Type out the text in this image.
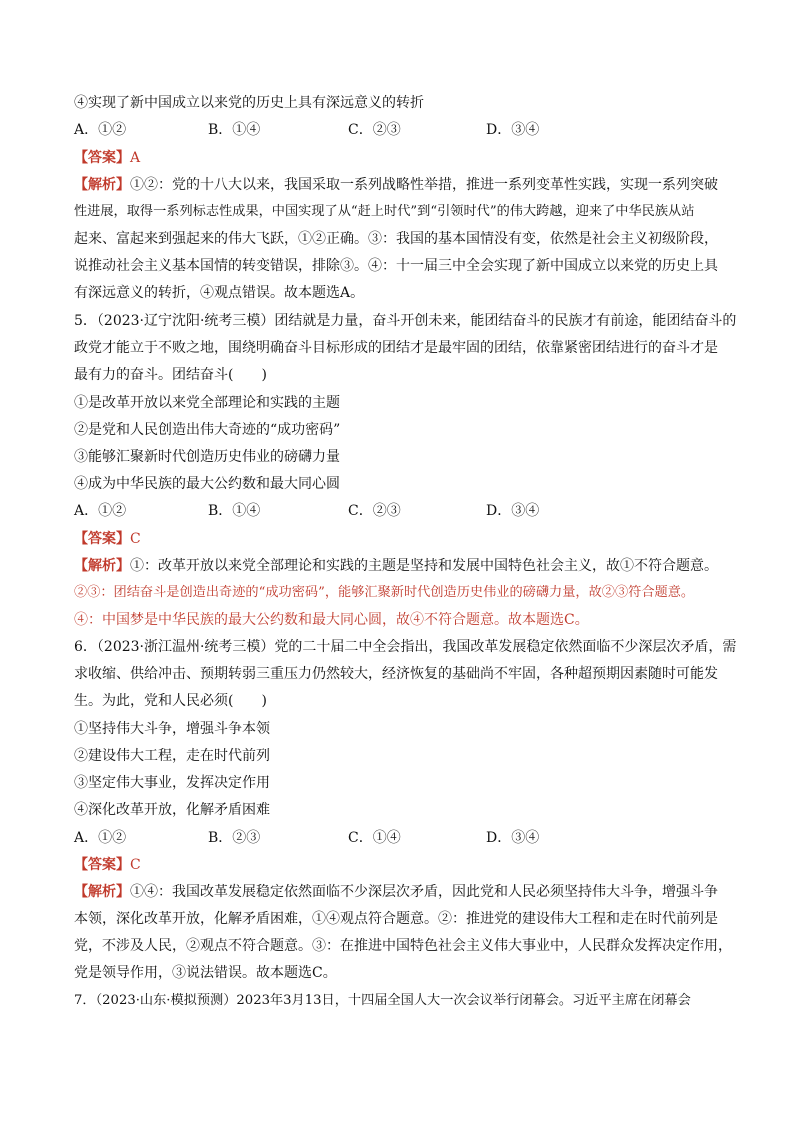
④实现了新中国成立以来党的历史上具有深远意义的转折
A．①②	B．①④	C．②③	D．③④
【答案】A
【解析】①②：党的十八大以来，我国采取一系列战略性举措，推进一系列变革性实践，实现一系列突破
性进展，取得一系列标志性成果，中国实现了从“赶上时代”到“引领时代”的伟大跨越，迎来了中华民族从站
起来、富起来到强起来的伟大飞跃，①②正确。③：我国的基本国情没有变，依然是社会主义初级阶段，
说推动社会主义基本国情的转变错误，排除③。④：十一届三中全会实现了新中国成立以来党的历史上具
有深远意义的转折，④观点错误。故本题选A。
5．（2023·辽宁沈阳·统考三模）团结就是力量，奋斗开创未来，能团结奋斗的民族才有前途，能团结奋斗的
政党才能立于不败之地，围绕明确奋斗目标形成的团结才是最牢固的团结，依靠紧密团结进行的奋斗才是
最有力的奋斗。团结奋斗(　　)
①是改革开放以来党全部理论和实践的主题
②是党和人民创造出伟大奇迹的“成功密码”
③能够汇聚新时代创造历史伟业的磅礴力量
④成为中华民族的最大公约数和最大同心圆
A．①②	B．①④	C．②③	D．③④
【答案】C
【解析】①：改革开放以来党全部理论和实践的主题是坚持和发展中国特色社会主义，故①不符合题意。
②③：团结奋斗是创造出奇迹的“成功密码”，能够汇聚新时代创造历史伟业的磅礴力量，故②③符合题意。
④：中国梦是中华民族的最大公约数和最大同心圆，故④不符合题意。故本题选C。
6．（2023·浙江温州·统考三模）党的二十届二中全会指出，我国改革发展稳定依然面临不少深层次矛盾，需
求收缩、供给冲击、预期转弱三重压力仍然较大，经济恢复的基础尚不牢固，各种超预期因素随时可能发
生。为此，党和人民必须(　　)
①坚持伟大斗争，增强斗争本领
②建设伟大工程，走在时代前列
③坚定伟大事业，发挥决定作用
④深化改革开放，化解矛盾困难
A．①②	B．②③	C．①④	D．③④
【答案】C
【解析】①④：我国改革发展稳定依然面临不少深层次矛盾，因此党和人民必须坚持伟大斗争，增强斗争
本领，深化改革开放，化解矛盾困难，①④观点符合题意。②：推进党的建设伟大工程和走在时代前列是
党，不涉及人民，②观点不符合题意。③：在推进中国特色社会主义伟大事业中，人民群众发挥决定作用，
党是领导作用，③说法错误。故本题选C。
7．（2023·山东·模拟预测）2023年3月13日，十四届全国人大一次会议举行闭幕会。习近平主席在闭幕会
